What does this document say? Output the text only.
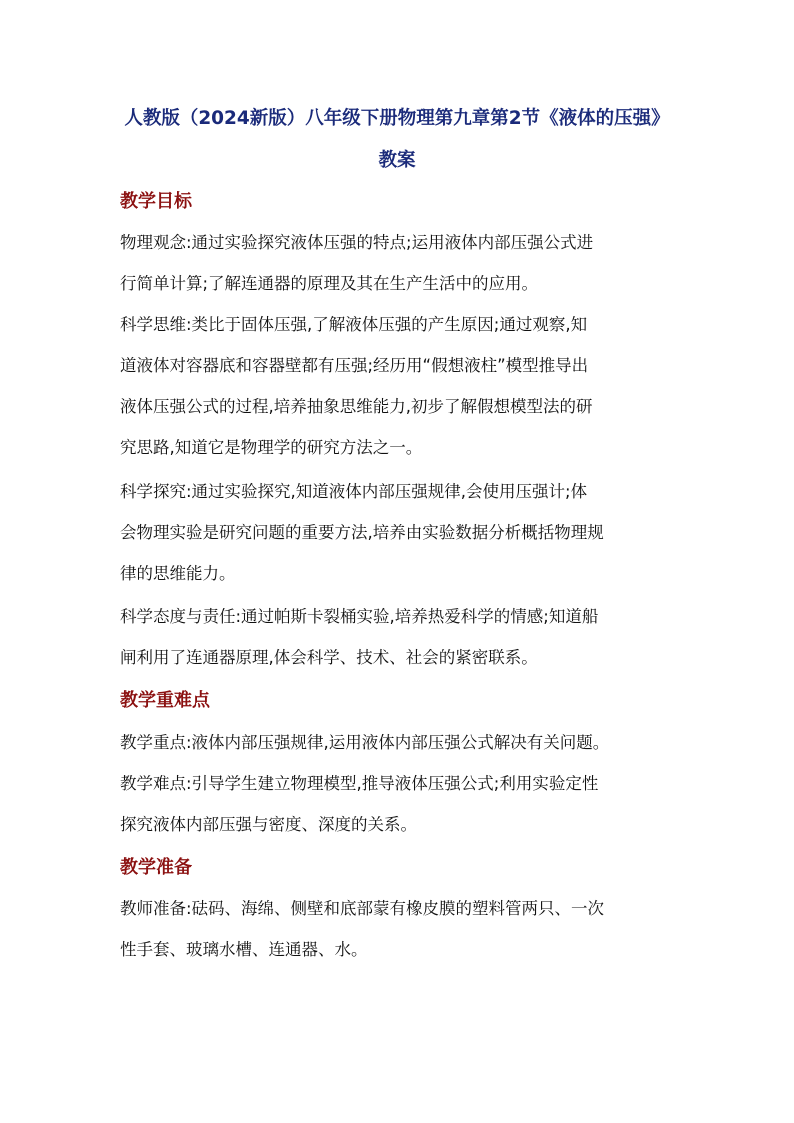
人教版（2024新版）八年级下册物理第九章第2节《液体的压强》
教案
教学目标
物理观念:通过实验探究液体压强的特点;运用液体内部压强公式进
行简单计算;了解连通器的原理及其在生产生活中的应用。
科学思维:类比于固体压强,了解液体压强的产生原因;通过观察,知
道液体对容器底和容器壁都有压强;经历用“假想液柱”模型推导出
液体压强公式的过程,培养抽象思维能力,初步了解假想模型法的研
究思路,知道它是物理学的研究方法之一。
科学探究:通过实验探究,知道液体内部压强规律,会使用压强计;体
会物理实验是研究问题的重要方法,培养由实验数据分析概括物理规
律的思维能力。
科学态度与责任:通过帕斯卡裂桶实验,培养热爱科学的情感;知道船
闸利用了连通器原理,体会科学、技术、社会的紧密联系。
教学重难点
教学重点:液体内部压强规律,运用液体内部压强公式解决有关问题。
教学难点:引导学生建立物理模型,推导液体压强公式;利用实验定性
探究液体内部压强与密度、深度的关系。
教学准备
教师准备:砝码、海绵、侧壁和底部蒙有橡皮膜的塑料管两只、一次
性手套、玻璃水槽、连通器、水。
